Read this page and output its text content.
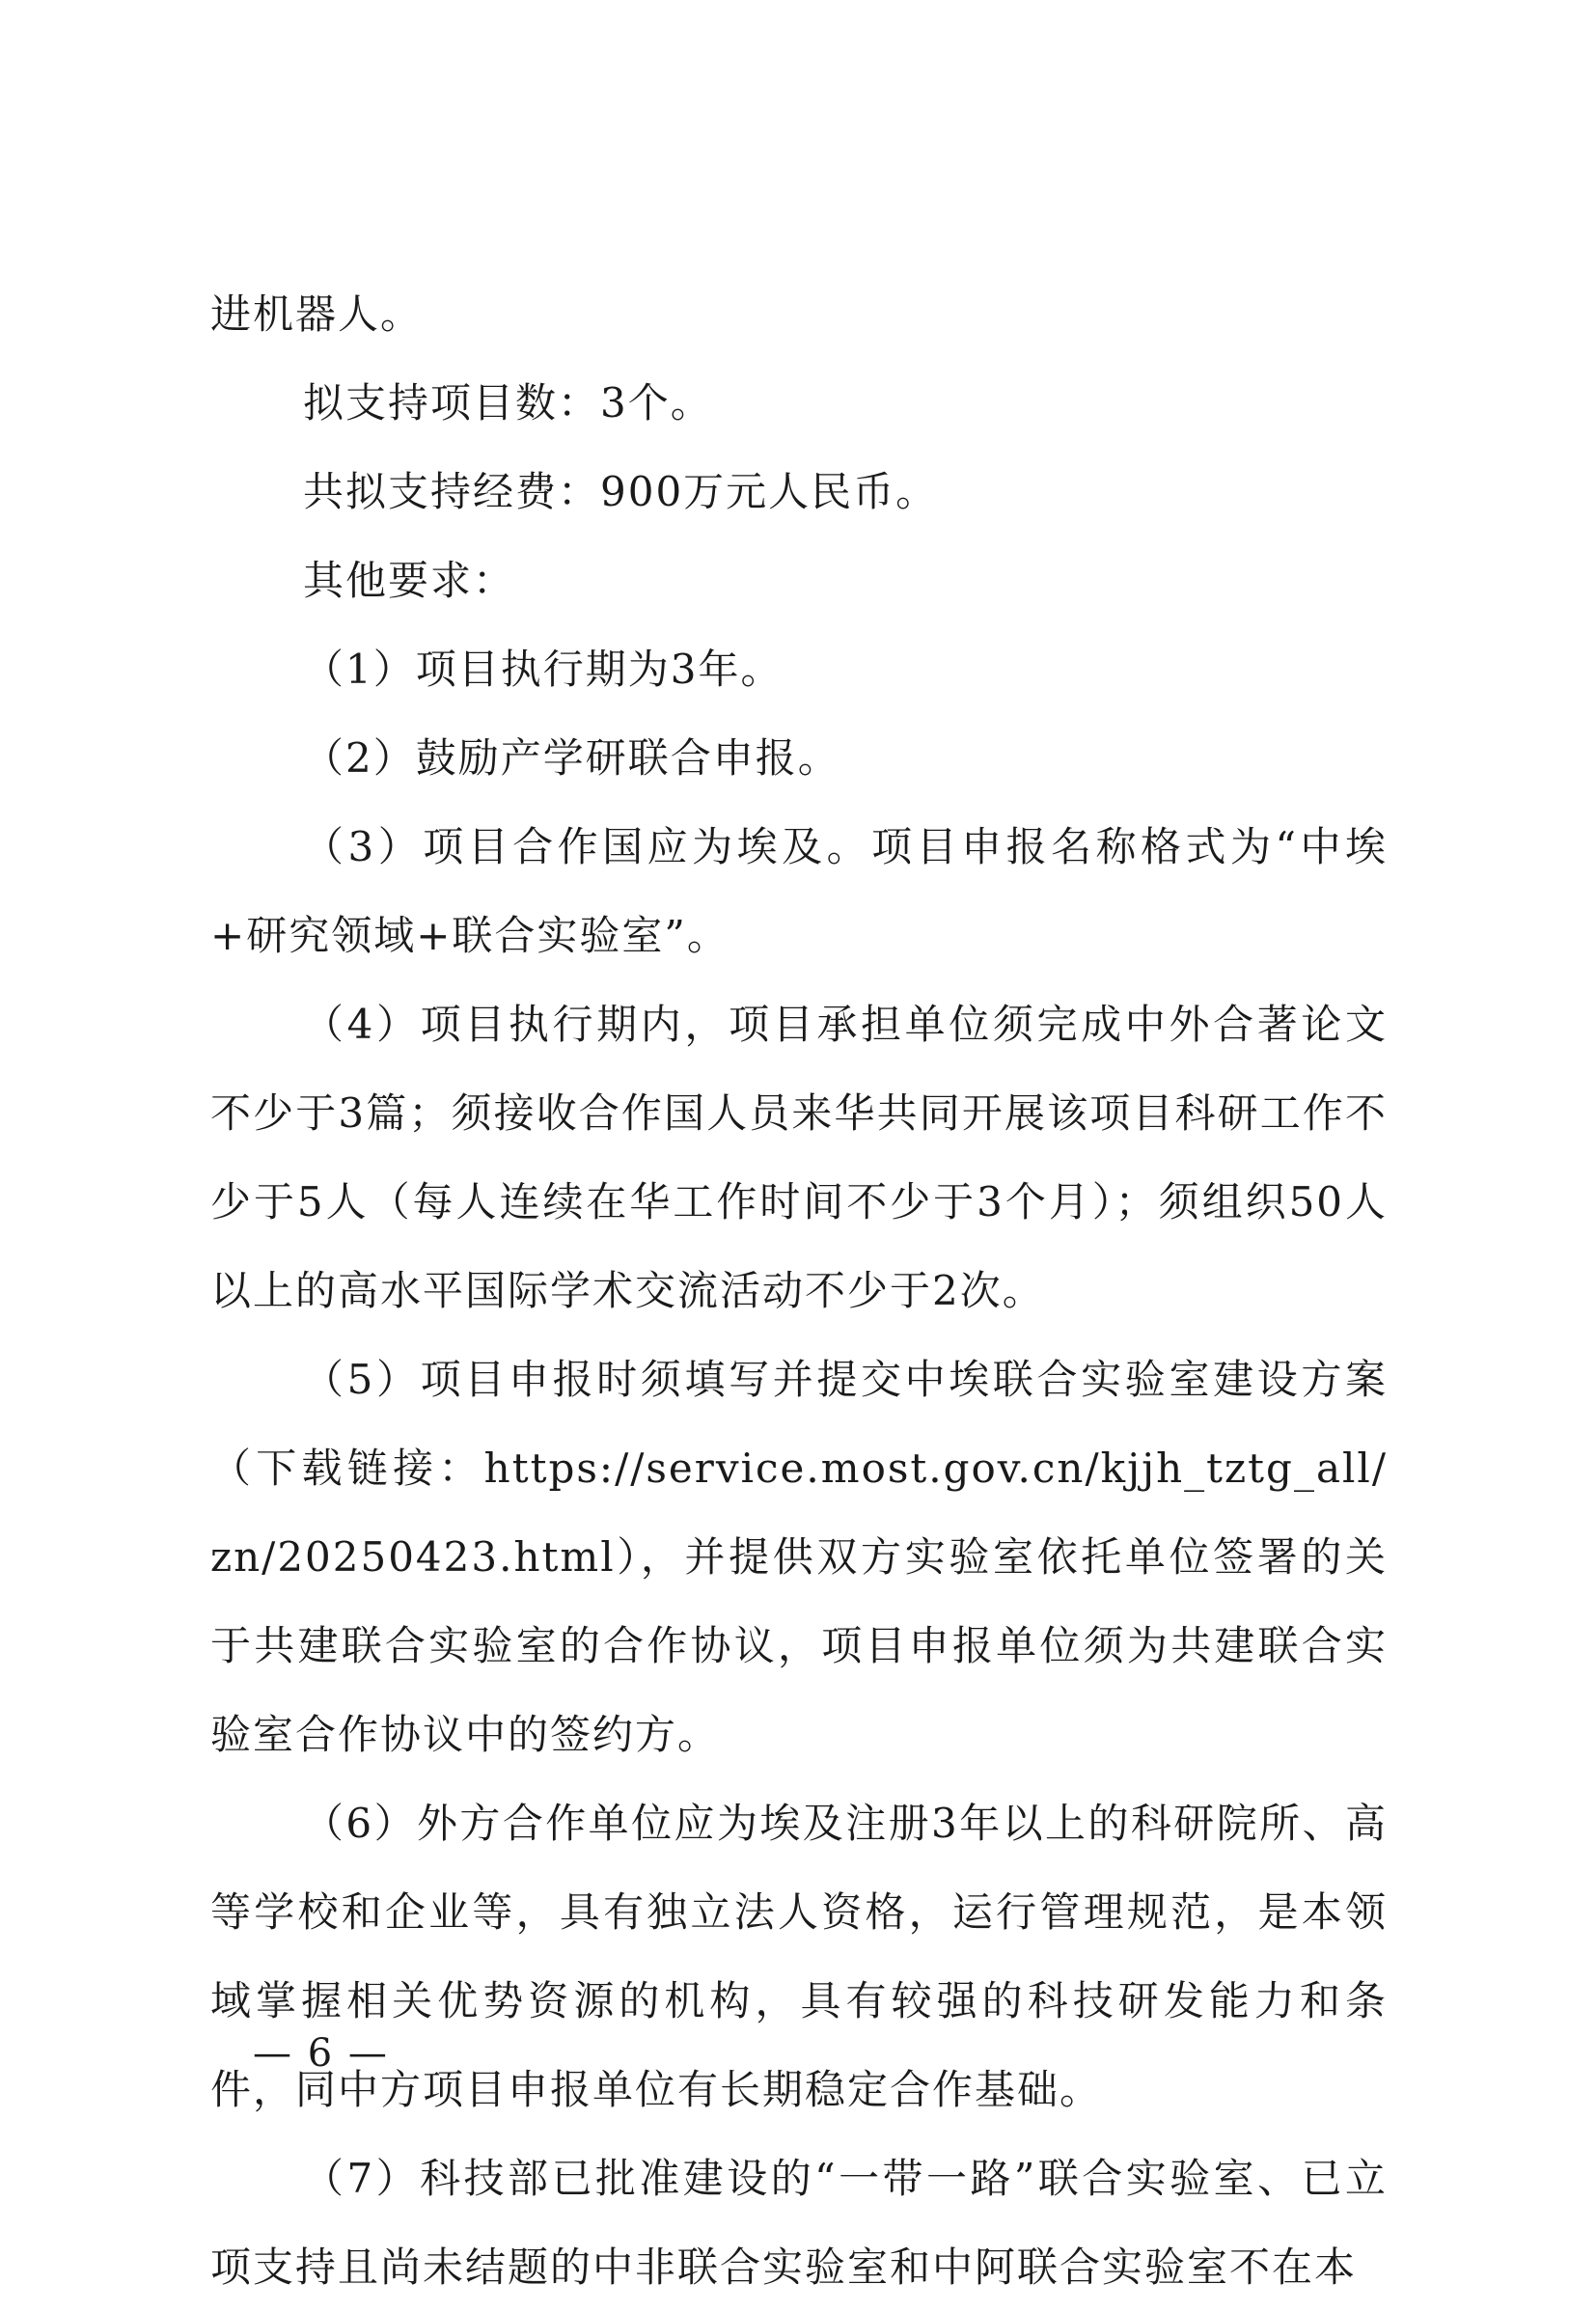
进机器人。

拟支持项目数：3个。

共拟支持经费：900万元人民币。

其他要求：

（1）项目执行期为3年。

（2）鼓励产学研联合申报。

（3）项目合作国应为埃及。项目申报名称格式为“中埃+研究领域+联合实验室”。

（4）项目执行期内，项目承担单位须完成中外合著论文不少于3篇；须接收合作国人员来华共同开展该项目科研工作不少于5人（每人连续在华工作时间不少于3个月）；须组织50人以上的高水平国际学术交流活动不少于2次。

（5）项目申报时须填写并提交中埃联合实验室建设方案（下载链接：https://service.most.gov.cn/kjjh_tztg_all/zn/20250423.html），并提供双方实验室依托单位签署的关于共建联合实验室的合作协议，项目申报单位须为共建联合实验室合作协议中的签约方。

（6）外方合作单位应为埃及注册3年以上的科研院所、高等学校和企业等，具有独立法人资格，运行管理规范，是本领域掌握相关优势资源的机构，具有较强的科技研发能力和条件，同中方项目申报单位有长期稳定合作基础。

（7）科技部已批准建设的“一带一路”联合实验室、已立项支持且尚未结题的中非联合实验室和中阿联合实验室不在本

— 6 —
